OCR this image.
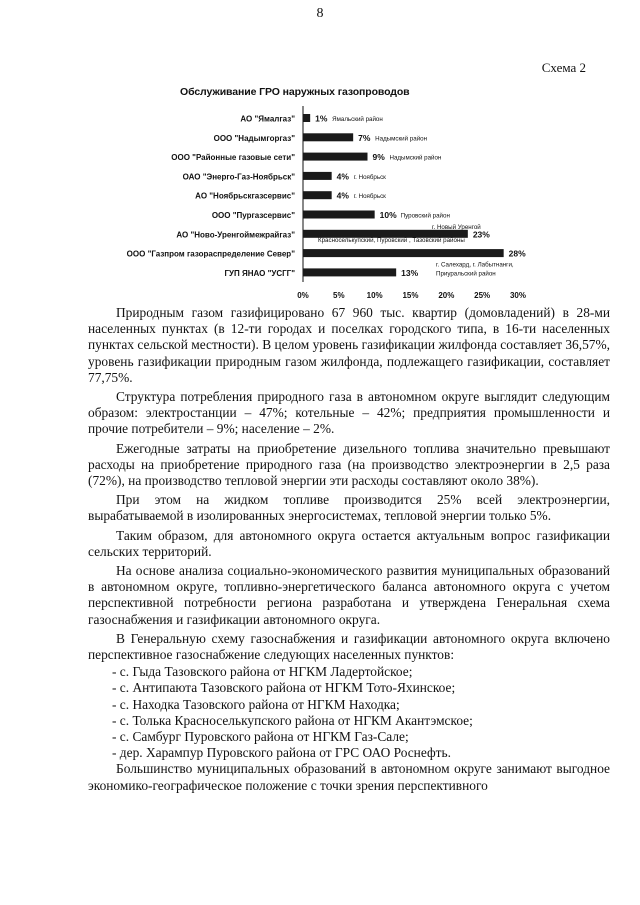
8
Схема 2
Обслуживание ГРО наружных газопроводов
АО "Ямалгаз" 1% Ямальский район
ООО "Надымгоргаз"	7% Надымский район
ООО "Районные газовые сети"	9% Надымский район
ОАО "Энерго-Газ-Ноябрьск"	4% г. Ноябрьск
АО "Ноябрьскгазсервис"	4% г. Ноябрьск
ООО "Пургазсервис"	10% Пуровский район
АО "Ново-Уренгоймежрайгаз"	23%
г. Новый Уренгой
Красноселькупский, Пуровский , Тазовский районы
ООО "Газпром газораспределение Север"	28%
ГУП ЯНАО "УСГГ"	13%
г. Салехард, г. Лабытнанги,
Приуральский район
0%	5%	10% 15% 20% 25% 30%

Природным газом газифицировано 67 960 тыс. квартир (домовладений) в 28-ми населенных пунктах (в 12-ти городах и поселках городского типа, в 16-ти населенных пунктах сельской местности). В целом уровень газификации жилфонда составляет 36,57%, уровень газификации природным газом жилфонда, подлежащего газификации, составляет 77,75%.

Структура потребления природного газа в автономном округе выглядит следующим образом: электростанции – 47%; котельные – 42%; предприятия промышленности и прочие потребители – 9%; население – 2%.

Ежегодные затраты на приобретение дизельного топлива значительно превышают расходы на приобретение природного газа (на производство электроэнергии в 2,5 раза (72%), на производство тепловой энергии эти расходы составляют около 38%).

При этом на жидком топливе производится 25% всей электроэнергии, вырабатываемой в изолированных энергосистемах, тепловой энергии только 5%.

Таким образом, для автономного округа остается актуальным вопрос газификации сельских территорий.

На основе анализа социально-экономического развития муниципальных образований в автономном округе, топливно-энергетического баланса автономного округа с учетом перспективной потребности региона разработана и утверждена Генеральная схема газоснабжения и газификации автономного округа.

В Генеральную схему газоснабжения и газификации автономного округа включено перспективное газоснабжение следующих населенных пунктов:

- с. Гыда Тазовского района от НГКМ Ладертойское;
- с. Антипаюта Тазовского района от НГКМ Тото-Яхинское;
- с. Находка Тазовского района от НГКМ Находка;
- с. Толька Красноселькупского района от НГКМ Акантэмское;
- с. Самбург Пуровского района от НГКМ Газ-Сале;
- дер. Харампур Пуровского района от ГРС ОАО Роснефть.

Большинство муниципальных образований в автономном округе занимают выгодное экономико-географическое положение с точки зрения перспективного
